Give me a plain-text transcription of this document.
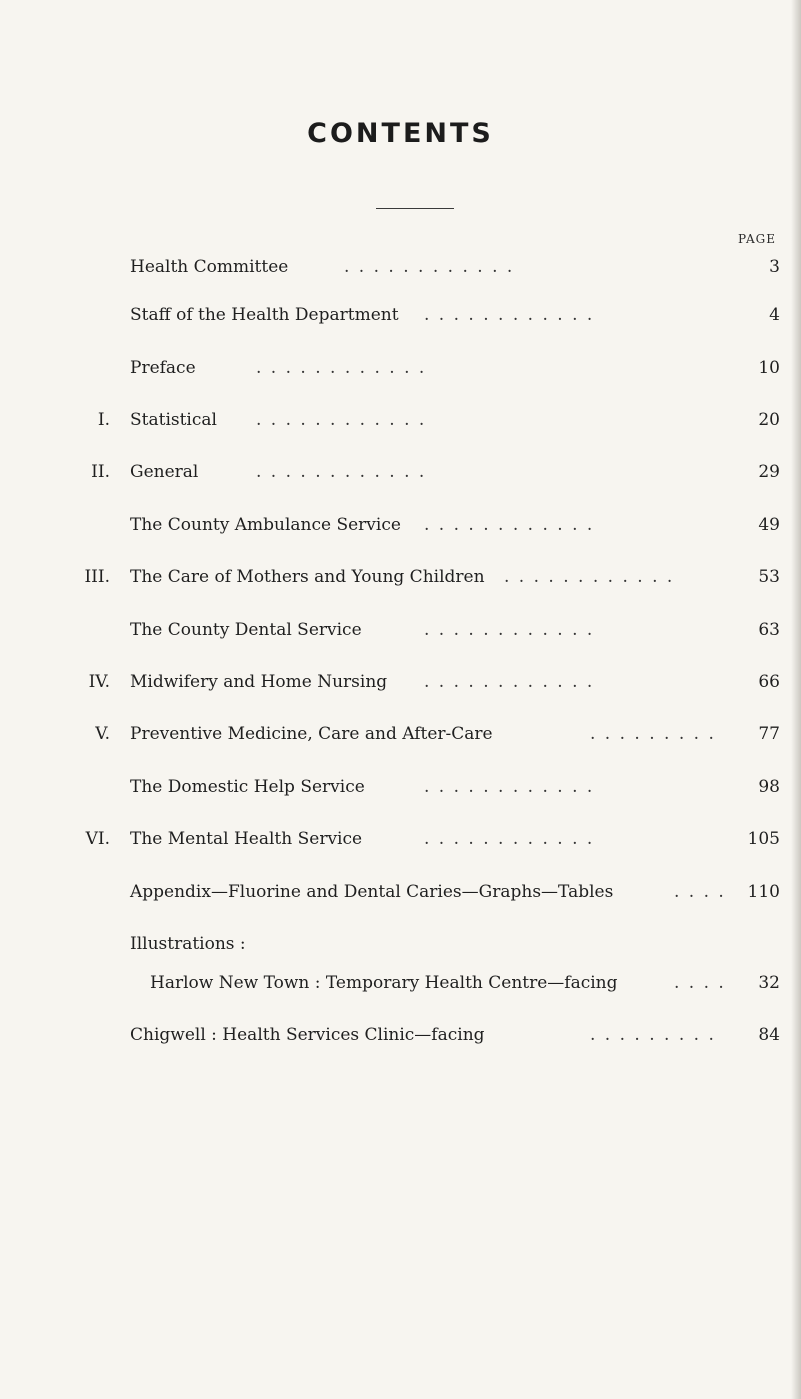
CONTENTS
PAGE
Health Committee	. . . . . . . . . . . .	3
Staff of the Health Department . . . . . . . . . . . .	4
Preface	. . . . . . . . . . . .	10
I. Statistical . . . . . . . . . . . .	20
II. General	. . . . . . . . . . . .	29
The County Ambulance Service . . . . . . . . . . . .	49
III. The Care of Mothers and Young Children . . . . . . . . . . . .	53
The County Dental Service	. . . . . . . . . . . .	63
IV. Midwifery and Home Nursing . . . . . . . . . . . .	66
V. Preventive Medicine, Care and After-Care	. . . . . . . . .	77
The Domestic Help Service	. . . . . . . . . . . .	98
VI. The Mental Health Service	. . . . . . . . . . . .	105
Appendix—Fluorine and Dental Caries—Graphs—Tables	. . . .	110
Illustrations :
Harlow New Town : Temporary Health Centre—facing	. . . .	32
Chigwell : Health Services Clinic—facing	. . . . . . . . .	84
